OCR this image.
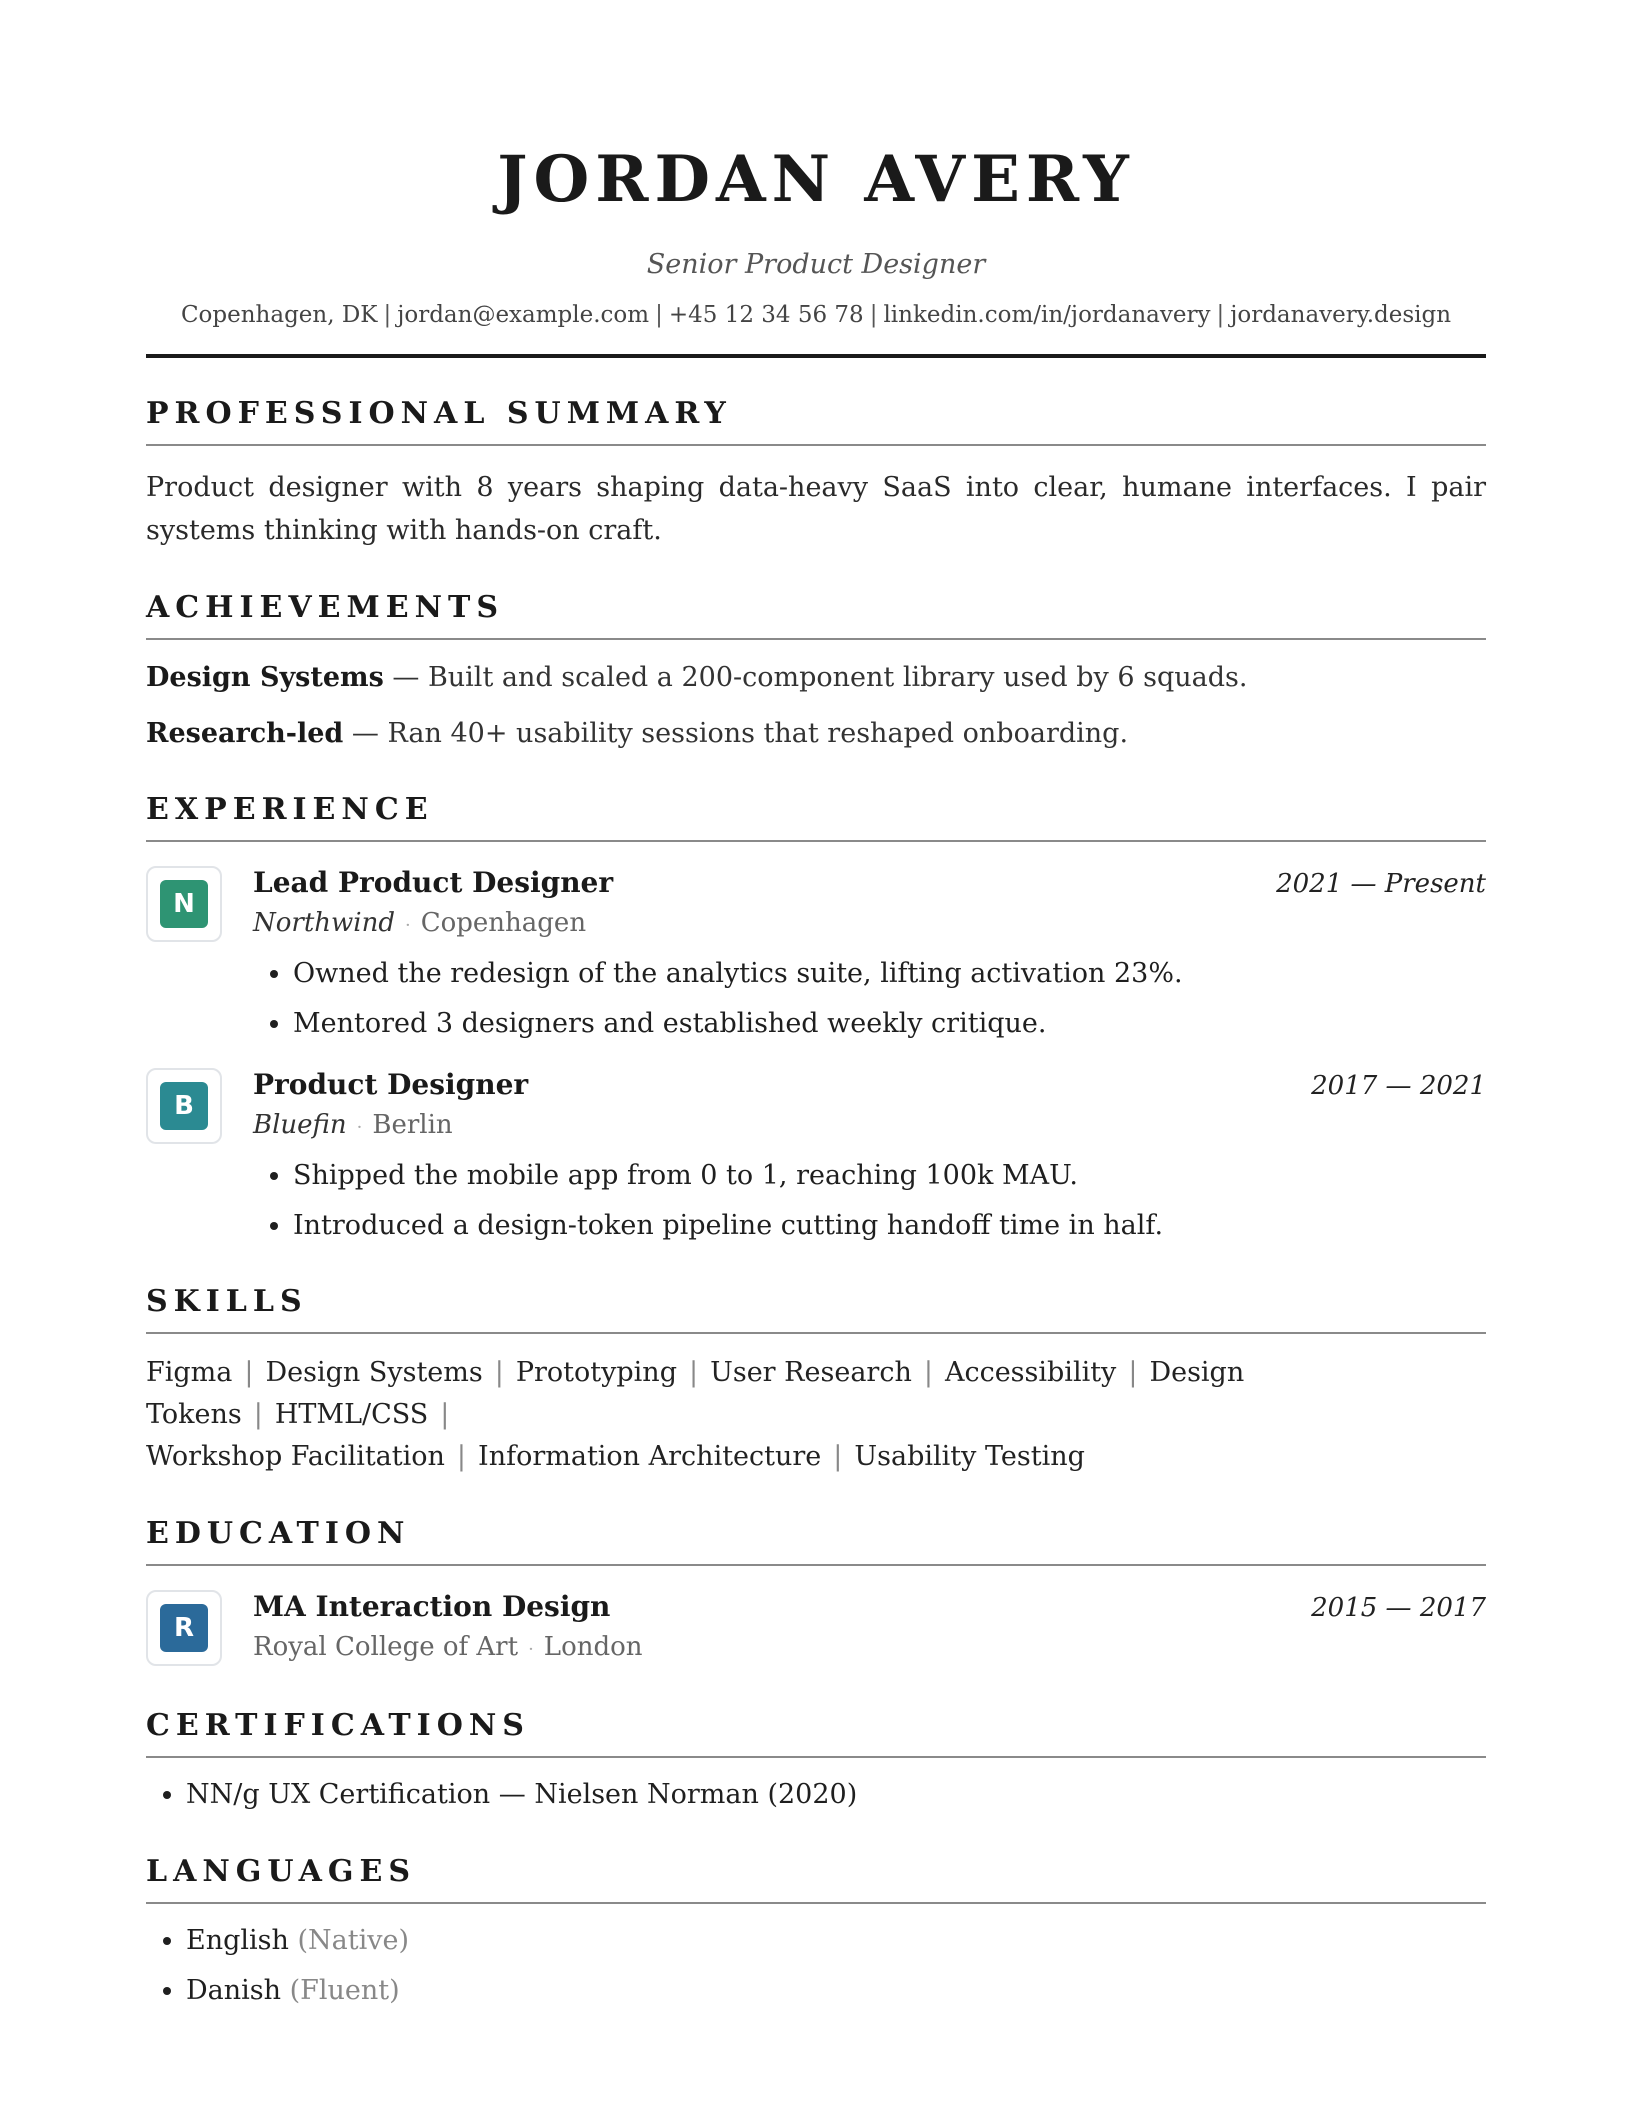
JORDAN AVERY
Senior Product Designer
Copenhagen, DK | jordan@example.com | +45 12 34 56 78 | linkedin.com/in/jordanavery | jordanavery.design
PROFESSIONAL SUMMARY

Product designer with 8 years shaping data-heavy SaaS into clear, humane interfaces. I pair systems thinking with hands-on craft.

ACHIEVEMENTS
Design Systems — Built and scaled a 200-component library used by 6 squads.
Research-led — Ran 40+ usability sessions that reshaped onboarding.
EXPERIENCE
N
Lead Product Designer	2021 — Present
Northwind · Copenhagen
• Owned the redesign of the analytics suite, lifting activation 23%.
• Mentored 3 designers and established weekly critique.
B
Product Designer	2017 — 2021
Bluefin · Berlin
• Shipped the mobile app from 0 to 1, reaching 100k MAU.
• Introduced a design-token pipeline cutting handoff time in half.
SKILLS
Figma | Design Systems | Prototyping | User Research | Accessibility | Design Tokens | HTML/CSS |
Workshop Facilitation | Information Architecture | Usability Testing
EDUCATION
R
MA Interaction Design	2015 — 2017
Royal College of Art · London
CERTIFICATIONS
• NN/g UX Certification — Nielsen Norman (2020)
LANGUAGES
• English (Native)
• Danish (Fluent)
